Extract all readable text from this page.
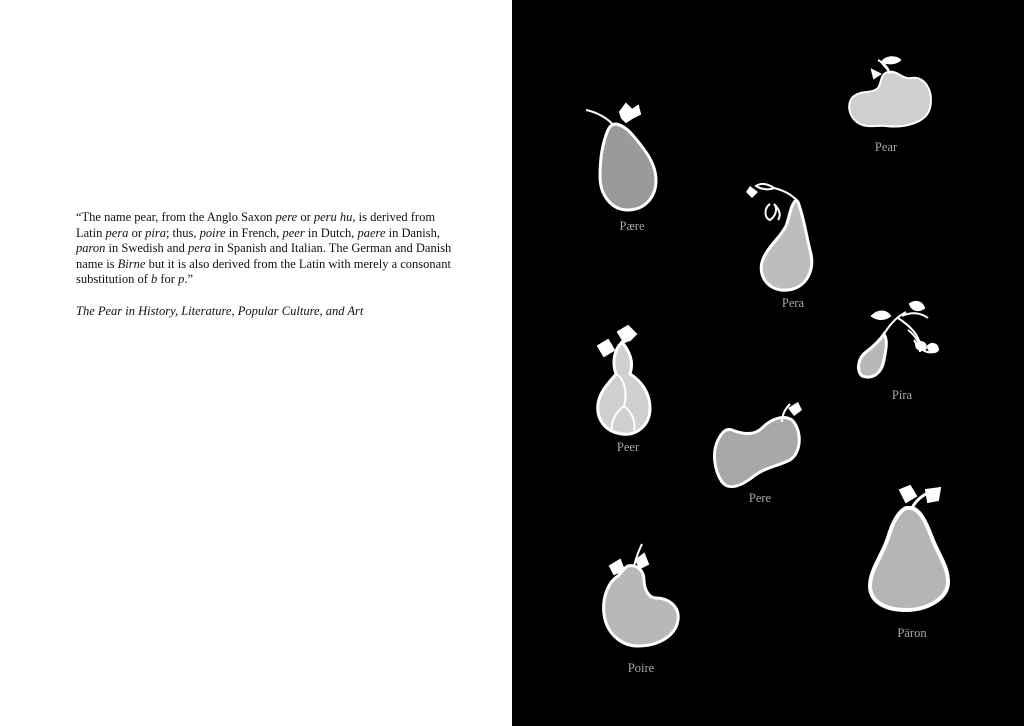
“The name pear, from the Anglo Saxon pere or peru hu, is derived from Latin pera or pira; thus, poire in French, peer in Dutch, paere in Danish, paron in Swedish and pera in Spanish and Italian. The German and Danish name is Birne but it is also derived from the Latin with merely a consonant substitution of b for p.”

The Pear in History, Literature, Popular Culture, and Art

Pear
Pære
Pera
Pira
Peer
Pere
Päron
Poire
